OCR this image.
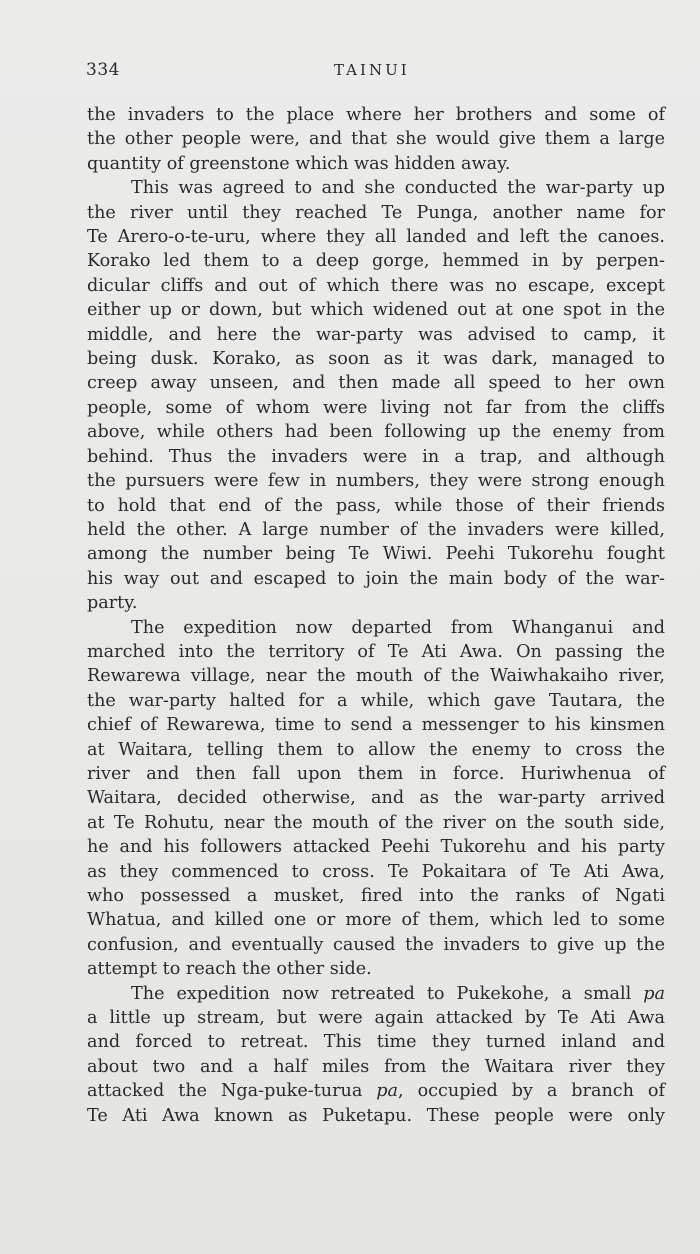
334	TAINUI
the invaders to the place where her brothers and some of
the other people were, and that she would give them a large
quantity of greenstone which was hidden away.
This was agreed to and she conducted the war-party up
the river until they reached Te Punga, another name for
Te Arero-o-te-uru, where they all landed and left the canoes.
Korako led them to a deep gorge, hemmed in by perpen-
dicular cliffs and out of which there was no escape, except
either up or down, but which widened out at one spot in the
middle, and here the war-party was advised to camp, it
being dusk. Korako, as soon as it was dark, managed to
creep away unseen, and then made all speed to her own
people, some of whom were living not far from the cliffs
above, while others had been following up the enemy from
behind. Thus the invaders were in a trap, and although
the pursuers were few in numbers, they were strong enough
to hold that end of the pass, while those of their friends
held the other. A large number of the invaders were killed,
among the number being Te Wiwi. Peehi Tukorehu fought
his way out and escaped to join the main body of the war-
party.
The expedition now departed from Whanganui and
marched into the territory of Te Ati Awa. On passing the
Rewarewa village, near the mouth of the Waiwhakaiho river,
the war-party halted for a while, which gave Tautara, the
chief of Rewarewa, time to send a messenger to his kinsmen
at Waitara, telling them to allow the enemy to cross the
river and then fall upon them in force. Huriwhenua of
Waitara, decided otherwise, and as the war-party arrived
at Te Rohutu, near the mouth of the river on the south side,
he and his followers attacked Peehi Tukorehu and his party
as they commenced to cross. Te Pokaitara of Te Ati Awa,
who possessed a musket, fired into the ranks of Ngati
Whatua, and killed one or more of them, which led to some
confusion, and eventually caused the invaders to give up the
attempt to reach the other side.
The expedition now retreated to Pukekohe, a small pa
a little up stream, but were again attacked by Te Ati Awa
and forced to retreat. This time they turned inland and
about two and a half miles from the Waitara river they
attacked the Nga-puke-turua pa, occupied by a branch of
Te Ati Awa known as Puketapu. These people were only
